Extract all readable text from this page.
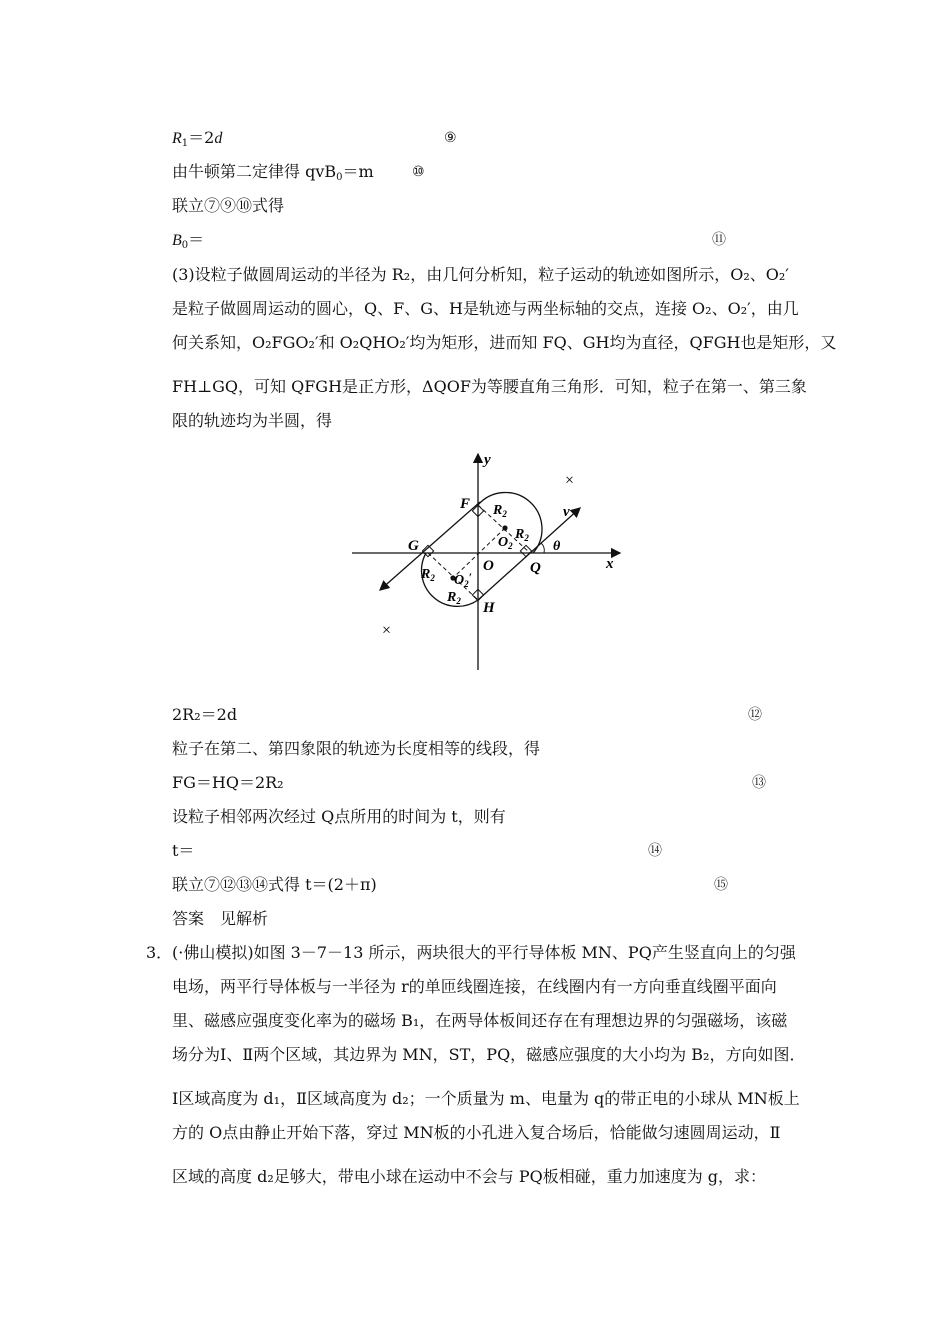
$R_1=2d$	⑨
由牛顿第二定律得 qvB$_0$＝m	⑩
联立⑦⑨⑩式得
$B_0=$	⑪
(3)设粒子做圆周运动的半径为 R₂，由几何分析知，粒子运动的轨迹如图所示，O₂、O₂′
是粒子做圆周运动的圆心，Q、F、G、H是轨迹与两坐标轴的交点，连接 O₂、O₂′，由几
何关系知，O₂FGO₂′和 O₂QHO₂′均为矩形，进而知 FQ、GH均为直径，QFGH也是矩形，又
FH⊥GQ，可知 QFGH是正方形，ΔQOF为等腰直角三角形．可知，粒子在第一、第三象
限的轨迹均为半圆，得
x
y
F
G
Q
H
O
$R_2$
$R_2$
$O_2$
$R_2$ $O_2'$
$R_2$
v
θ
×
×
2R₂＝2d	⑫
粒子在第二、第四象限的轨迹为长度相等的线段，得
FG＝HQ＝2R₂	⑬
设粒子相邻两次经过 Q点所用的时间为 t，则有
t＝	⑭
联立⑦⑫⑬⑭式得 t＝(2＋π)	⑮
答案　见解析
3． (·佛山模拟)如图 3－7－13 所示，两块很大的平行导体板 MN、PQ产生竖直向上的匀强
电场，两平行导体板与一半径为 r的单匝线圈连接，在线圈内有一方向垂直线圈平面向
里、磁感应强度变化率为的磁场 B₁，在两导体板间还存在有理想边界的匀强磁场，该磁
场分为Ⅰ、Ⅱ两个区域，其边界为 MN，ST，PQ，磁感应强度的大小均为 B₂，方向如图．
Ⅰ区域高度为 d₁，Ⅱ区域高度为 d₂；一个质量为 m、电量为 q的带正电的小球从 MN板上
方的 O点由静止开始下落，穿过 MN板的小孔进入复合场后，恰能做匀速圆周运动，Ⅱ
区域的高度 d₂足够大，带电小球在运动中不会与 PQ板相碰，重力加速度为 g，求：
